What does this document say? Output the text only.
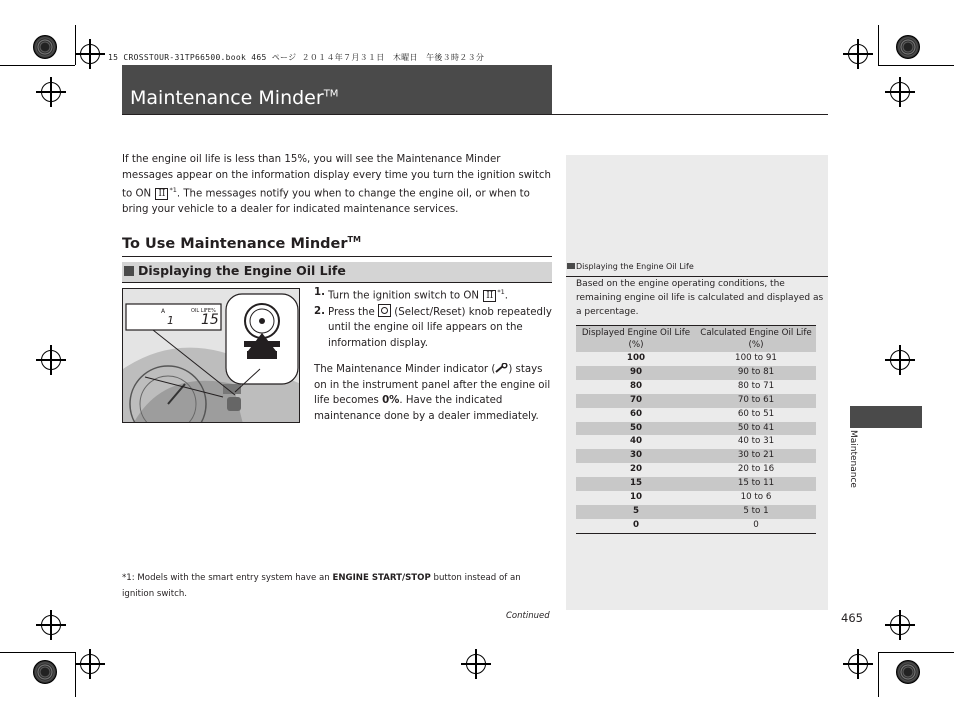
15 CROSSTOUR-31TP66500.book 465 ページ ２０１４年７月３１日　木曜日　午後３時２３分
Maintenance Minder™
Maintenance
If the engine oil life is less than 15%, you will see the Maintenance Minder messages appear on the information display every time you turn the ignition switch to ON II $^{*1}$. The messages notify you when to change the engine oil, or when to bring your vehicle to a dealer for indicated maintenance services.
To Use Maintenance Minder™
Displaying the Engine Oil Life
A	OIL LIFE%
1 15
1. Turn the ignition switch to ON II $^{*1}$.
2. Press the
(Select/Reset) knob repeatedly until the engine oil life appears on the information display.
The Maintenance Minder indicator ( ) stays on in the instrument panel after the engine oil life becomes 0%. Have the indicated maintenance done by a dealer immediately.
*1: Models with the smart entry system have an ENGINE START/STOP button instead of an ignition switch.
Continued	465
Displaying the Engine Oil Life
Based on the engine operating conditions, the remaining engine oil life is calculated and displayed as a percentage.
Displayed Engine Oil Life (%)	Calculated Engine Oil Life (%)
100	100 to 91
90	90 to 81
80	80 to 71
70	70 to 61
60	60 to 51
50	50 to 41
40	40 to 31
30	30 to 21
20	20 to 16
15	15 to 11
10	10 to 6
5	5 to 1
0	0
